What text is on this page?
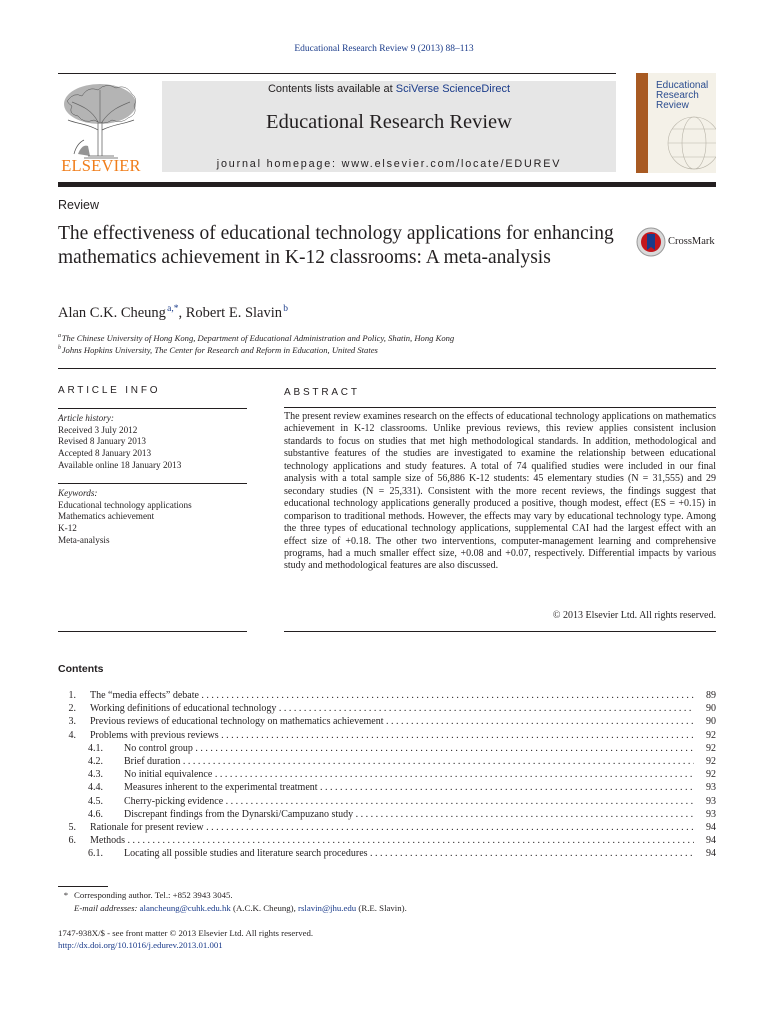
Educational Research Review 9 (2013) 88–113
ELSEVIER
Contents lists available at SciVerse ScienceDirect
Educational Research Review
journal homepage: www.elsevier.com/locate/EDUREV
Educational Research Review
Review
The effectiveness of educational technology applications for enhancing mathematics achievement in K-12 classrooms: A meta-analysis
CrossMark
Alan C.K. Cheung $^{a,*}$, Robert E. Slavin $^b$
$^a$ The Chinese University of Hong Kong, Department of Educational Administration and Policy, Shatin, Hong Kong
$^b$ Johns Hopkins University, The Center for Research and Reform in Education, United States
ARTICLE INFO
Article history:
Received 3 July 2012
Revised 8 January 2013
Accepted 8 January 2013
Available online 18 January 2013
Keywords:
Educational technology applications
Mathematics achievement
K-12
Meta-analysis
ABSTRACT
The present review examines research on the effects of educational technology applications on mathematics achievement in K-12 classrooms. Unlike previous reviews, this review applies consistent inclusion standards to focus on studies that met high methodological standards. In addition, methodological and substantive features of the studies are investigated to examine the relationship between educational technology applications and study features. A total of 74 qualified studies were included in our final analysis with a total sample size of 56,886 K-12 students: 45 elementary studies (N = 31,555) and 29 secondary studies (N = 25,331). Consistent with the more recent reviews, the findings suggest that educational technology applications generally produced a positive, though modest, effect (ES = +0.15) in comparison to traditional methods. However, the effects may vary by educational technology type. Among the three types of educational technology applications, supplemental CAI had the largest effect with an effect size of +0.18. The other two interventions, computer-management learning and comprehensive programs, had a much smaller effect size, +0.08 and +0.07, respectively. Differential impacts by various study and methodological features are also discussed.
© 2013 Elsevier Ltd. All rights reserved.
Contents
1. The “media effects” debate . . .	89
2. Working definitions of educational technology . . .	90
3. Previous reviews of educational technology on mathematics achievement . . .	90
4. Problems with previous reviews . . .	92
4.1.	No control group . . .	92
4.2.	Brief duration . . .	92
4.3.	No initial equivalence . . .	92
4.4.	Measures inherent to the experimental treatment . . .	93
4.5.	Cherry-picking evidence . . .	93
4.6.	Discrepant findings from the Dynarski/Campuzano study . . .	93
5. Rationale for present review . . .	94
6. Methods . . .	94
6.1.	Locating all possible studies and literature search procedures . . .	94
* Corresponding author. Tel.: +852 3943 3045.
E-mail addresses: alancheung@cuhk.edu.hk (A.C.K. Cheung), rslavin@jhu.edu (R.E. Slavin).
1747-938X/$ - see front matter © 2013 Elsevier Ltd. All rights reserved.
http://dx.doi.org/10.1016/j.edurev.2013.01.001
